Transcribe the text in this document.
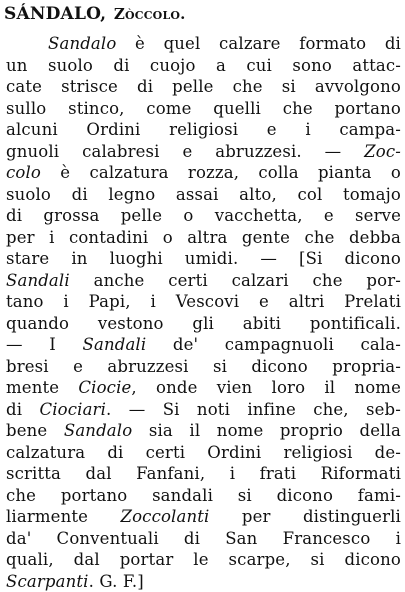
SÁNDALO, Zòccolo.
Sandalo è quel calzare formato di
un suolo di cuojo a cui sono attac-
cate strisce di pelle che si avvolgono
sullo stinco, come quelli che portano
alcuni Ordini religiosi e i campa-
gnuoli calabresi e abruzzesi. — Zoc-
colo è calzatura rozza, colla pianta o
suolo di legno assai alto, col tomajo
di grossa pelle o vacchetta, e serve
per i contadini o altra gente che debba
stare in luoghi umidi. — [Si dicono
Sandali anche certi calzari che por-
tano i Papi, i Vescovi e altri Prelati
quando vestono gli abiti pontificali.
— I Sandali de' campagnuoli cala-
bresi e abruzzesi si dicono propria-
mente Ciocie, onde vien loro il nome
di Ciociari. — Si noti infine che, seb-
bene Sandalo sia il nome proprio della
calzatura di certi Ordini religiosi de-
scritta dal Fanfani, i frati Riformati
che portano sandali si dicono fami-
liarmente Zoccolanti per distinguerli
da' Conventuali di San Francesco i
quali, dal portar le scarpe, si dicono
Scarpanti. G. F.]
